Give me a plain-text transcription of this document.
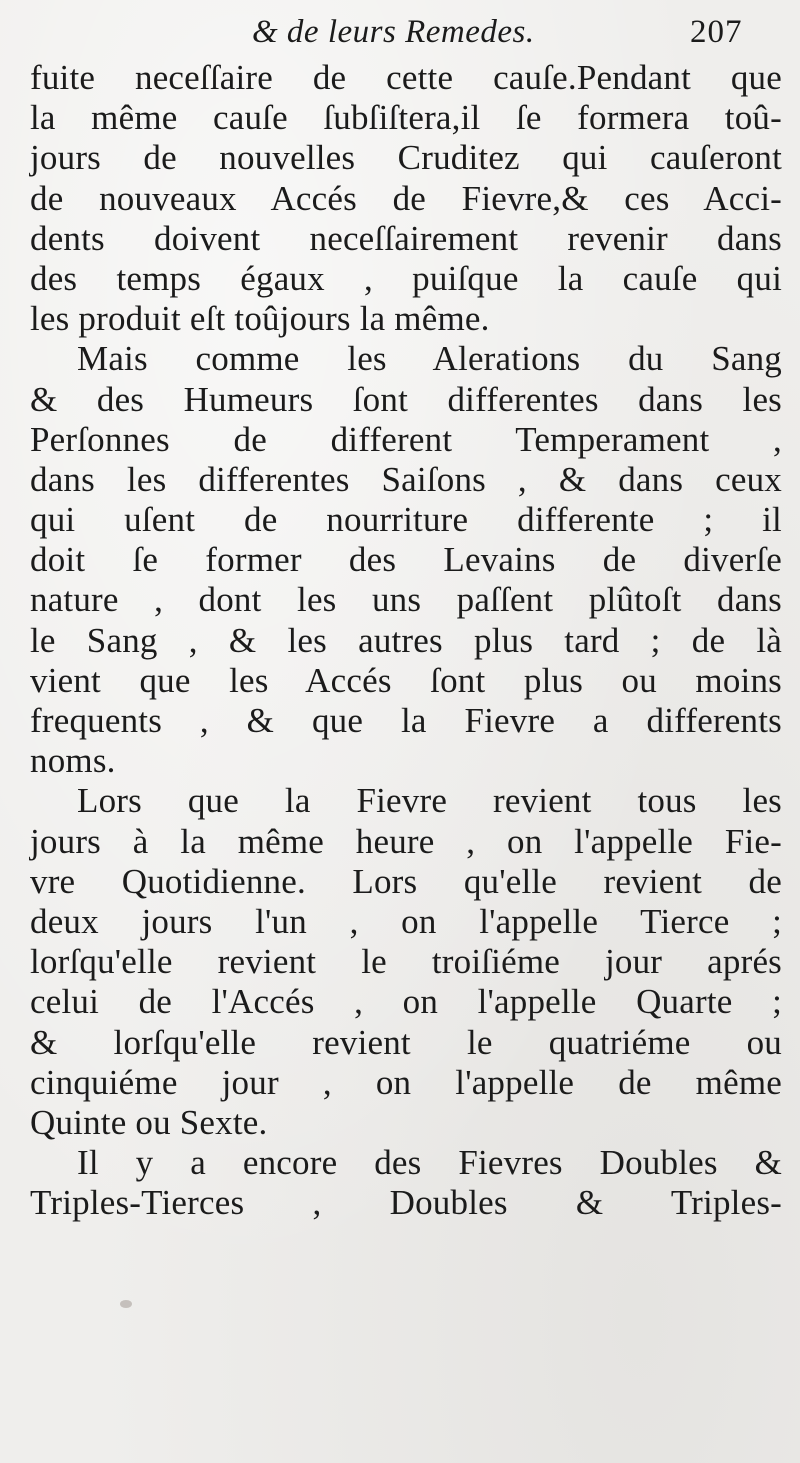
& de leurs Remedes.	207
fuite neceſſaire de cette cauſe.Pendant que
la même cauſe ſubſiſtera,il ſe formera toû-
jours de nouvelles Cruditez qui cauſeront
de nouveaux Accés de Fievre,& ces Acci-
dents doivent neceſſairement revenir dans
des temps égaux , puiſque la cauſe qui
les produit eſt toûjours la même.
Mais comme les Alerations du Sang
& des Humeurs ſont differentes dans les
Perſonnes de different Temperament ,
dans les differentes Saiſons , & dans ceux
qui uſent de nourriture differente ; il
doit ſe former des Levains de diverſe
nature , dont les uns paſſent plûtoſt dans
le Sang , & les autres plus tard ; de là
vient que les Accés ſont plus ou moins
frequents , & que la Fievre a differents
noms.
Lors que la Fievre revient tous les
jours à la même heure , on l'appelle Fie-
vre Quotidienne. Lors qu'elle revient de
deux jours l'un , on l'appelle Tierce ;
lorſqu'elle revient le troiſiéme jour aprés
celui de l'Accés , on l'appelle Quarte ;
& lorſqu'elle revient le quatriéme ou
cinquiéme jour , on l'appelle de même
Quinte ou Sexte.
Il y a encore des Fievres Doubles &
Triples-Tierces , Doubles & Triples-
